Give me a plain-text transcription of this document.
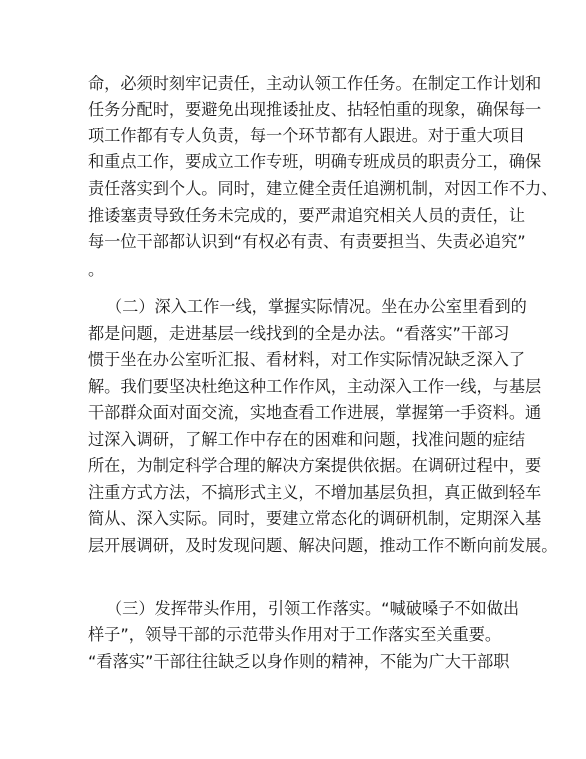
命，必须时刻牢记责任，主动认领工作任务。在制定工作计划和
任务分配时，要避免出现推诿扯皮、拈轻怕重的现象，确保每一
项工作都有专人负责，每一个环节都有人跟进。对于重大项目
和重点工作，要成立工作专班，明确专班成员的职责分工，确保
责任落实到个人。同时，建立健全责任追溯机制，对因工作不力、
推诿塞责导致任务未完成的，要严肃追究相关人员的责任，让
每一位干部都认识到“有权必有责、有责要担当、失责必追究”
。
（二）深入工作一线，掌握实际情况。坐在办公室里看到的
都是问题，走进基层一线找到的全是办法。“看落实”干部习
惯于坐在办公室听汇报、看材料，对工作实际情况缺乏深入了
解。我们要坚决杜绝这种工作作风，主动深入工作一线，与基层
干部群众面对面交流，实地查看工作进展，掌握第一手资料。通
过深入调研，了解工作中存在的困难和问题，找准问题的症结
所在，为制定科学合理的解决方案提供依据。在调研过程中，要
注重方式方法，不搞形式主义，不增加基层负担，真正做到轻车
简从、深入实际。同时，要建立常态化的调研机制，定期深入基
层开展调研，及时发现问题、解决问题，推动工作不断向前发展。
（三）发挥带头作用，引领工作落实。“喊破嗓子不如做出
样子”，领导干部的示范带头作用对于工作落实至关重要。
“看落实”干部往往缺乏以身作则的精神，不能为广大干部职
